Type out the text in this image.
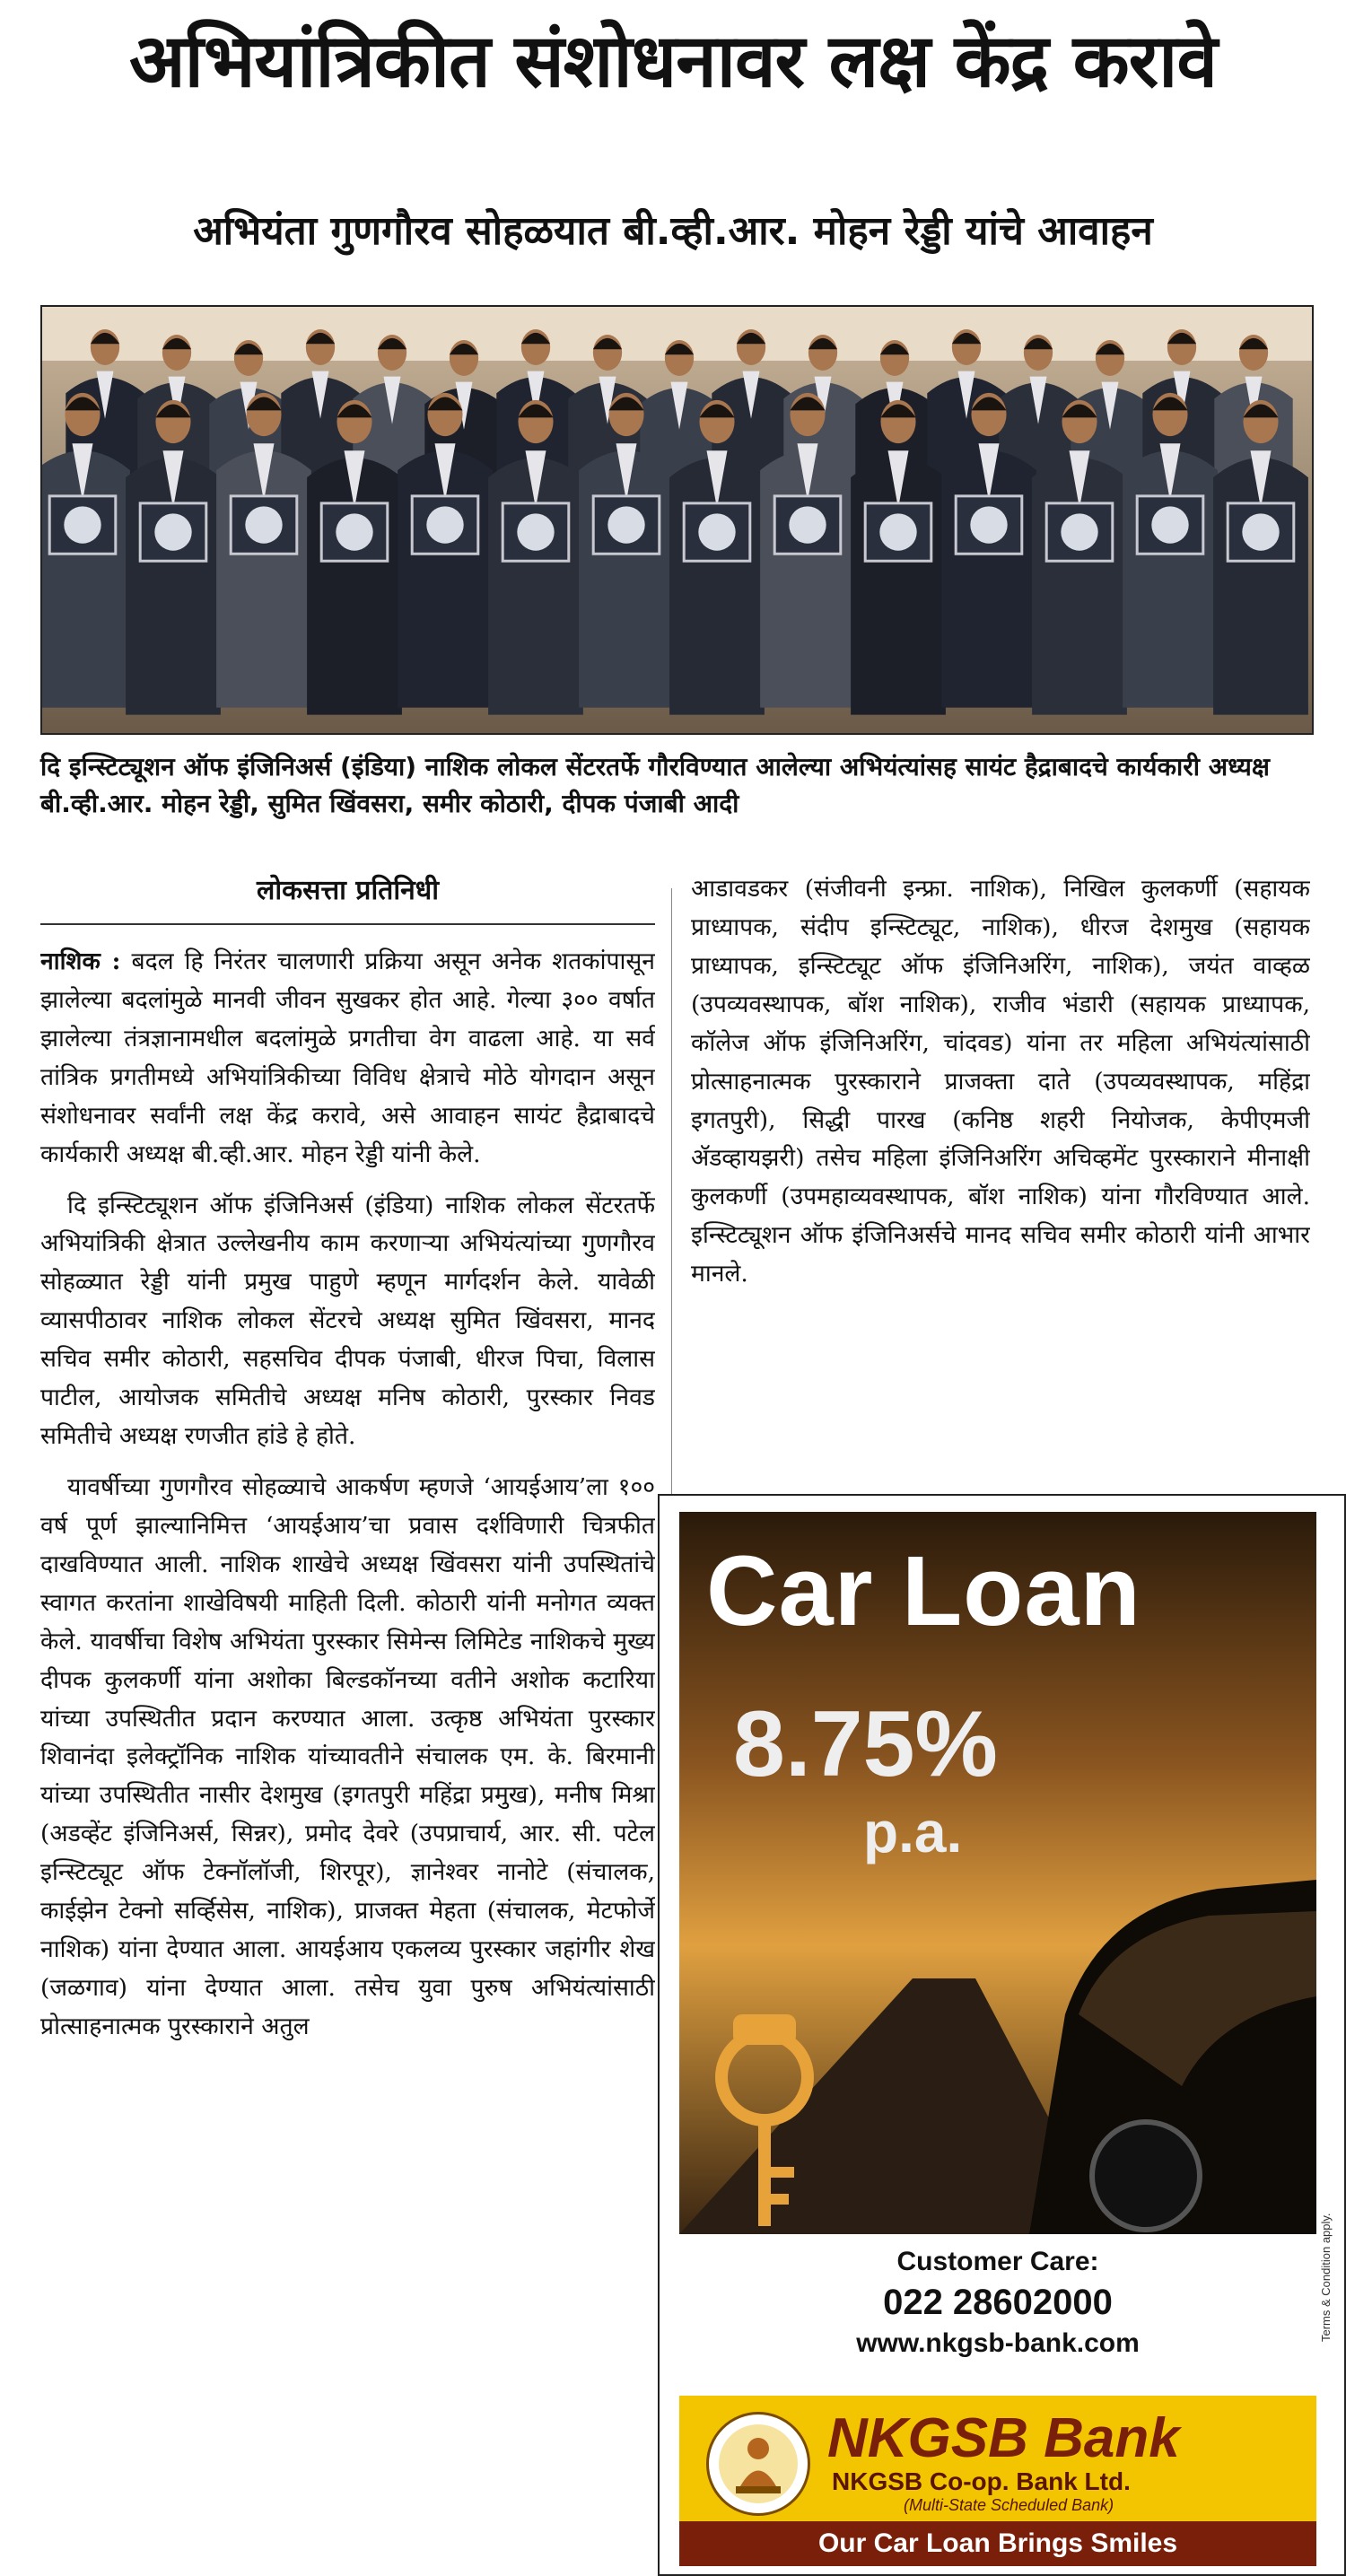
अभियांत्रिकीत संशोधनावर लक्ष केंद्र करावे
अभियंता गुणगौरव सोहळयात बी.व्ही.आर. मोहन रेड्डी यांचे आवाहन

दि इन्स्टिट्यूशन ऑफ इंजिनिअर्स (इंडिया) नाशिक लोकल सेंटरतर्फे गौरविण्यात आलेल्या अभियंत्यांसह सायंट हैद्राबादचे कार्यकारी अध्यक्ष बी.व्ही.आर. मोहन रेड्डी, सुमित खिंवसरा, समीर कोठारी, दीपक पंजाबी आदी

लोकसत्ता प्रतिनिधी

नाशिक : बदल हि निरंतर चालणारी प्रक्रिया असून अनेक शतकांपासून झालेल्या बदलांमुळे मानवी जीवन सुखकर होत आहे. गेल्या ३०० वर्षात झालेल्या तंत्रज्ञानामधील बदलांमुळे प्रगतीचा वेग वाढला आहे. या सर्व तांत्रिक प्रगतीमध्ये अभियांत्रिकीच्या विविध क्षेत्राचे मोठे योगदान असून संशोधनावर सर्वांनी लक्ष केंद्र करावे, असे आवाहन सायंट हैद्राबादचे कार्यकारी अध्यक्ष बी.व्ही.आर. मोहन रेड्डी यांनी केले.

दि इन्स्टिट्यूशन ऑफ इंजिनिअर्स (इंडिया) नाशिक लोकल सेंटरतर्फे अभियांत्रिकी क्षेत्रात उल्लेखनीय काम करणाऱ्या अभियंत्यांच्या गुणगौरव सोहळ्यात रेड्डी यांनी प्रमुख पाहुणे म्हणून मार्गदर्शन केले. यावेळी व्यासपीठावर नाशिक लोकल सेंटरचे अध्यक्ष सुमित खिंवसरा, मानद सचिव समीर कोठारी, सहसचिव दीपक पंजाबी, धीरज पिचा, विलास पाटील, आयोजक समितीचे अध्यक्ष मनिष कोठारी, पुरस्कार निवड समितीचे अध्यक्ष रणजीत हांडे हे होते.

यावर्षीच्या गुणगौरव सोहळ्याचे आकर्षण म्हणजे ‘आयईआय’ला १०० वर्ष पूर्ण झाल्यानिमित्त ‘आयईआय’चा प्रवास दर्शविणारी चित्रफीत दाखविण्यात आली. नाशिक शाखेचे अध्यक्ष खिंवसरा यांनी उपस्थितांचे स्वागत करतांना शाखेविषयी माहिती दिली. कोठारी यांनी मनोगत व्यक्त केले. यावर्षीचा विशेष अभियंता पुरस्कार सिमेन्स लिमिटेड नाशिकचे मुख्य दीपक कुलकर्णी यांना अशोका बिल्डकॉनच्या वतीने अशोक कटारिया यांच्या उपस्थितीत प्रदान करण्यात आला. उत्कृष्ठ अभियंता पुरस्कार शिवानंदा इलेक्ट्रॉनिक नाशिक यांच्यावतीने संचालक एम. के. बिरमानी यांच्या उपस्थितीत नासीर देशमुख (इगतपुरी महिंद्रा प्रमुख), मनीष मिश्रा (अडव्हेंट इंजिनिअर्स, सिन्नर), प्रमोद देवरे (उपप्राचार्य, आर. सी. पटेल इन्स्टिट्यूट ऑफ टेक्नॉलॉजी, शिरपूर), ज्ञानेश्वर नानोटे (संचालक, काईझेन टेक्नो सर्व्हिसेस, नाशिक), प्राजक्त मेहता (संचालक, मेटफोर्जे नाशिक) यांना देण्यात आला. आयईआय एकलव्य पुरस्कार जहांगीर शेख (जळगाव) यांना देण्यात आला. तसेच युवा पुरुष अभियंत्यांसाठी प्रोत्साहनात्मक पुरस्काराने अतुल

आडावडकर (संजीवनी इन्फ्रा. नाशिक), निखिल कुलकर्णी (सहायक प्राध्यापक, संदीप इन्स्टिट्यूट, नाशिक), धीरज देशमुख (सहायक प्राध्यापक, इन्स्टिट्यूट ऑफ इंजिनिअरिंग, नाशिक), जयंत वाव्हळ (उपव्यवस्थापक, बॉश नाशिक), राजीव भंडारी (सहायक प्राध्यापक, कॉलेज ऑफ इंजिनिअरिंग, चांदवड) यांना तर महिला अभियंत्यांसाठी प्रोत्साहनात्मक पुरस्काराने प्राजक्ता दाते (उपव्यवस्थापक, महिंद्रा इगतपुरी), सिद्धी पारख (कनिष्ठ शहरी नियोजक, केपीएमजी ॲडव्हायझरी) तसेच महिला इंजिनिअरिंग अचिव्हमेंट पुरस्काराने मीनाक्षी कुलकर्णी (उपमहाव्यवस्थापक, बॉश नाशिक) यांना गौरविण्यात आले. इन्स्टिट्यूशन ऑफ इंजिनिअर्सचे मानद सचिव समीर कोठारी यांनी आभार मानले.

Car Loan

8.75%

p.a.

Customer Care:

022 28602000

www.nkgsb-bank.com

NKGSB Bank

NKGSB Co-op. Bank Ltd.

(Multi-State Scheduled Bank)

Our Car Loan Brings Smiles

Terms & Condition apply.
